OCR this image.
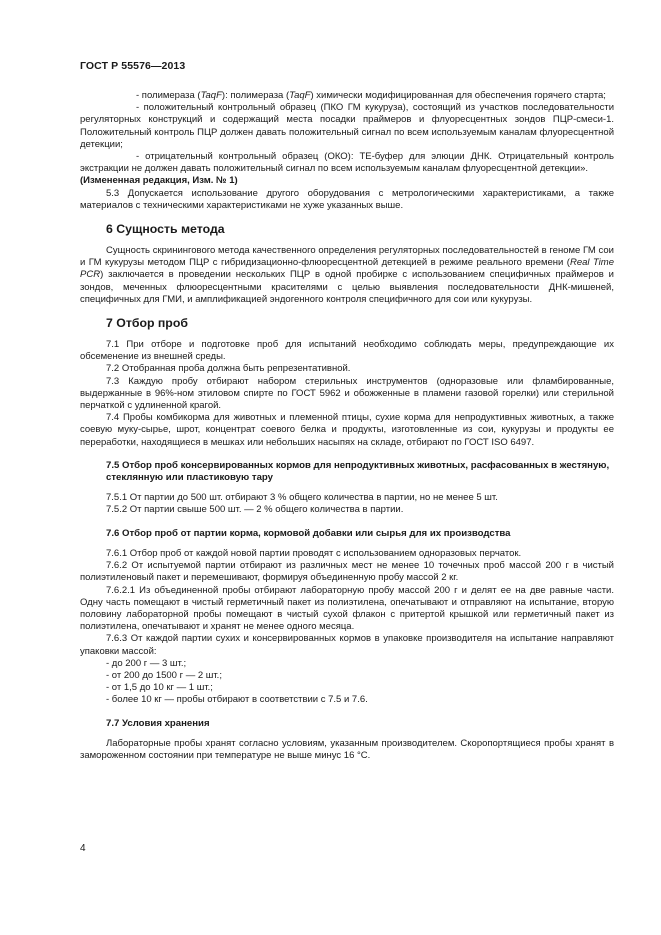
ГОСТ Р 55576—2013

- полимераза (TaqF): полимераза (TaqF) химически модифицированная для обеспечения горячего старта;

- положительный контрольный образец (ПКО ГМ кукуруза), состоящий из участков последовательности регуляторных конструкций и содержащий места посадки праймеров и флуоресцентных зондов ПЦР-смеси-1. Положительный контроль ПЦР должен давать положительный сигнал по всем используемым каналам флуоресцентной детекции;

- отрицательный контрольный образец (ОКО): ТЕ-буфер для элюции ДНК. Отрицательный контроль экстракции не должен давать положительный сигнал по всем используемым каналам флуоресцентной детекции».

(Измененная редакция, Изм. № 1)

5.3 Допускается использование другого оборудования с метрологическими характеристиками, а также материалов с техническими характеристиками не хуже указанных выше.

6 Сущность метода

Сущность скринингового метода качественного определения регуляторных последовательностей в геноме ГМ сои и ГМ кукурузы методом ПЦР с гибридизационно-флюоресцентной детекцией в режиме реального времени (Real Time PCR) заключается в проведении нескольких ПЦР в одной пробирке с использованием специфичных праймеров и зондов, меченных флюоресцентными красителями с целью выявления последовательности ДНК-мишеней, специфичных для ГМИ, и амплификацией эндогенного контроля специфичного для сои или кукурузы.

7 Отбор проб

7.1 При отборе и подготовке проб для испытаний необходимо соблюдать меры, предупреждающие их обсеменение из внешней среды.

7.2 Отобранная проба должна быть репрезентативной.

7.3 Каждую пробу отбирают набором стерильных инструментов (одноразовые или фламбированные, выдержанные в 96%-ном этиловом спирте по ГОСТ 5962 и обожженные в пламени газовой горелки) или стерильной перчаткой с удлиненной крагой.

7.4 Пробы комбикорма для животных и племенной птицы, сухие корма для непродуктивных животных, а также соевую муку-сырье, шрот, концентрат соевого белка и продукты, изготовленные из сои, кукурузы и продукты ее переработки, находящиеся в мешках или небольших насыпях на складе, отбирают по ГОСТ ISO 6497.

7.5 Отбор проб консервированных кормов для непродуктивных животных, расфасованных в жестяную, стеклянную или пластиковую тару

7.5.1 От партии до 500 шт. отбирают 3 % общего количества в партии, но не менее 5 шт.

7.5.2 От партии свыше 500 шт. — 2 % общего количества в партии.

7.6 Отбор проб от партии корма, кормовой добавки или сырья для их производства

7.6.1 Отбор проб от каждой новой партии проводят с использованием одноразовых перчаток.

7.6.2 От испытуемой партии отбирают из различных мест не менее 10 точечных проб массой 200 г в чистый полиэтиленовый пакет и перемешивают, формируя объединенную пробу массой 2 кг.

7.6.2.1 Из объединенной пробы отбирают лабораторную пробу массой 200 г и делят ее на две равные части. Одну часть помещают в чистый герметичный пакет из полиэтилена, опечатывают и отправляют на испытание, вторую половину лабораторной пробы помещают в чистый сухой флакон с притертой крышкой или герметичный пакет из полиэтилена, опечатывают и хранят не менее одного месяца.

7.6.3 От каждой партии сухих и консервированных кормов в упаковке производителя на испытание направляют упаковки массой:

- до 200 г — 3 шт.;

- от 200 до 1500 г — 2 шт.;

- от 1,5 до 10 кг — 1 шт.;

- более 10 кг — пробы отбирают в соответствии с 7.5 и 7.6.

7.7 Условия хранения

Лабораторные пробы хранят согласно условиям, указанным производителем. Скоропортящиеся пробы хранят в замороженном состоянии при температуре не выше минус 16 °С.

4
